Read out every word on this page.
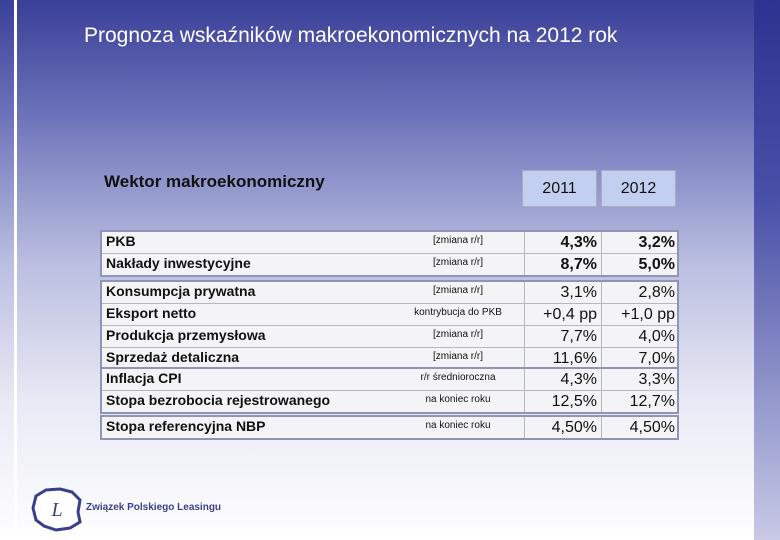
Prognoza wskaźników makroekonomicznych na 2012 rok
Wektor makroekonomiczny	2011	2012
PKB	[zmiana r/r]	4,3%	3,2%
Nakłady inwestycyjne	[zmiana r/r]	8,7%	5,0%
Konsumpcja prywatna	[zmiana r/r]	3,1%	2,8%
Eksport netto	kontrybucja do PKB	+0,4 pp	+1,0 pp
Produkcja przemysłowa	[zmiana r/r]	7,7%	4,0%
Sprzedaż detaliczna	[zmiana r/r]	11,6%	7,0%
Inflacja CPI	r/r średnioroczna	4,3%	3,3%
Stopa bezrobocia rejestrowanego	na koniec roku	12,5%	12,7%
Stopa referencyjna NBP	na koniec roku	4,50%	4,50%
L Związek Polskiego Leasingu
